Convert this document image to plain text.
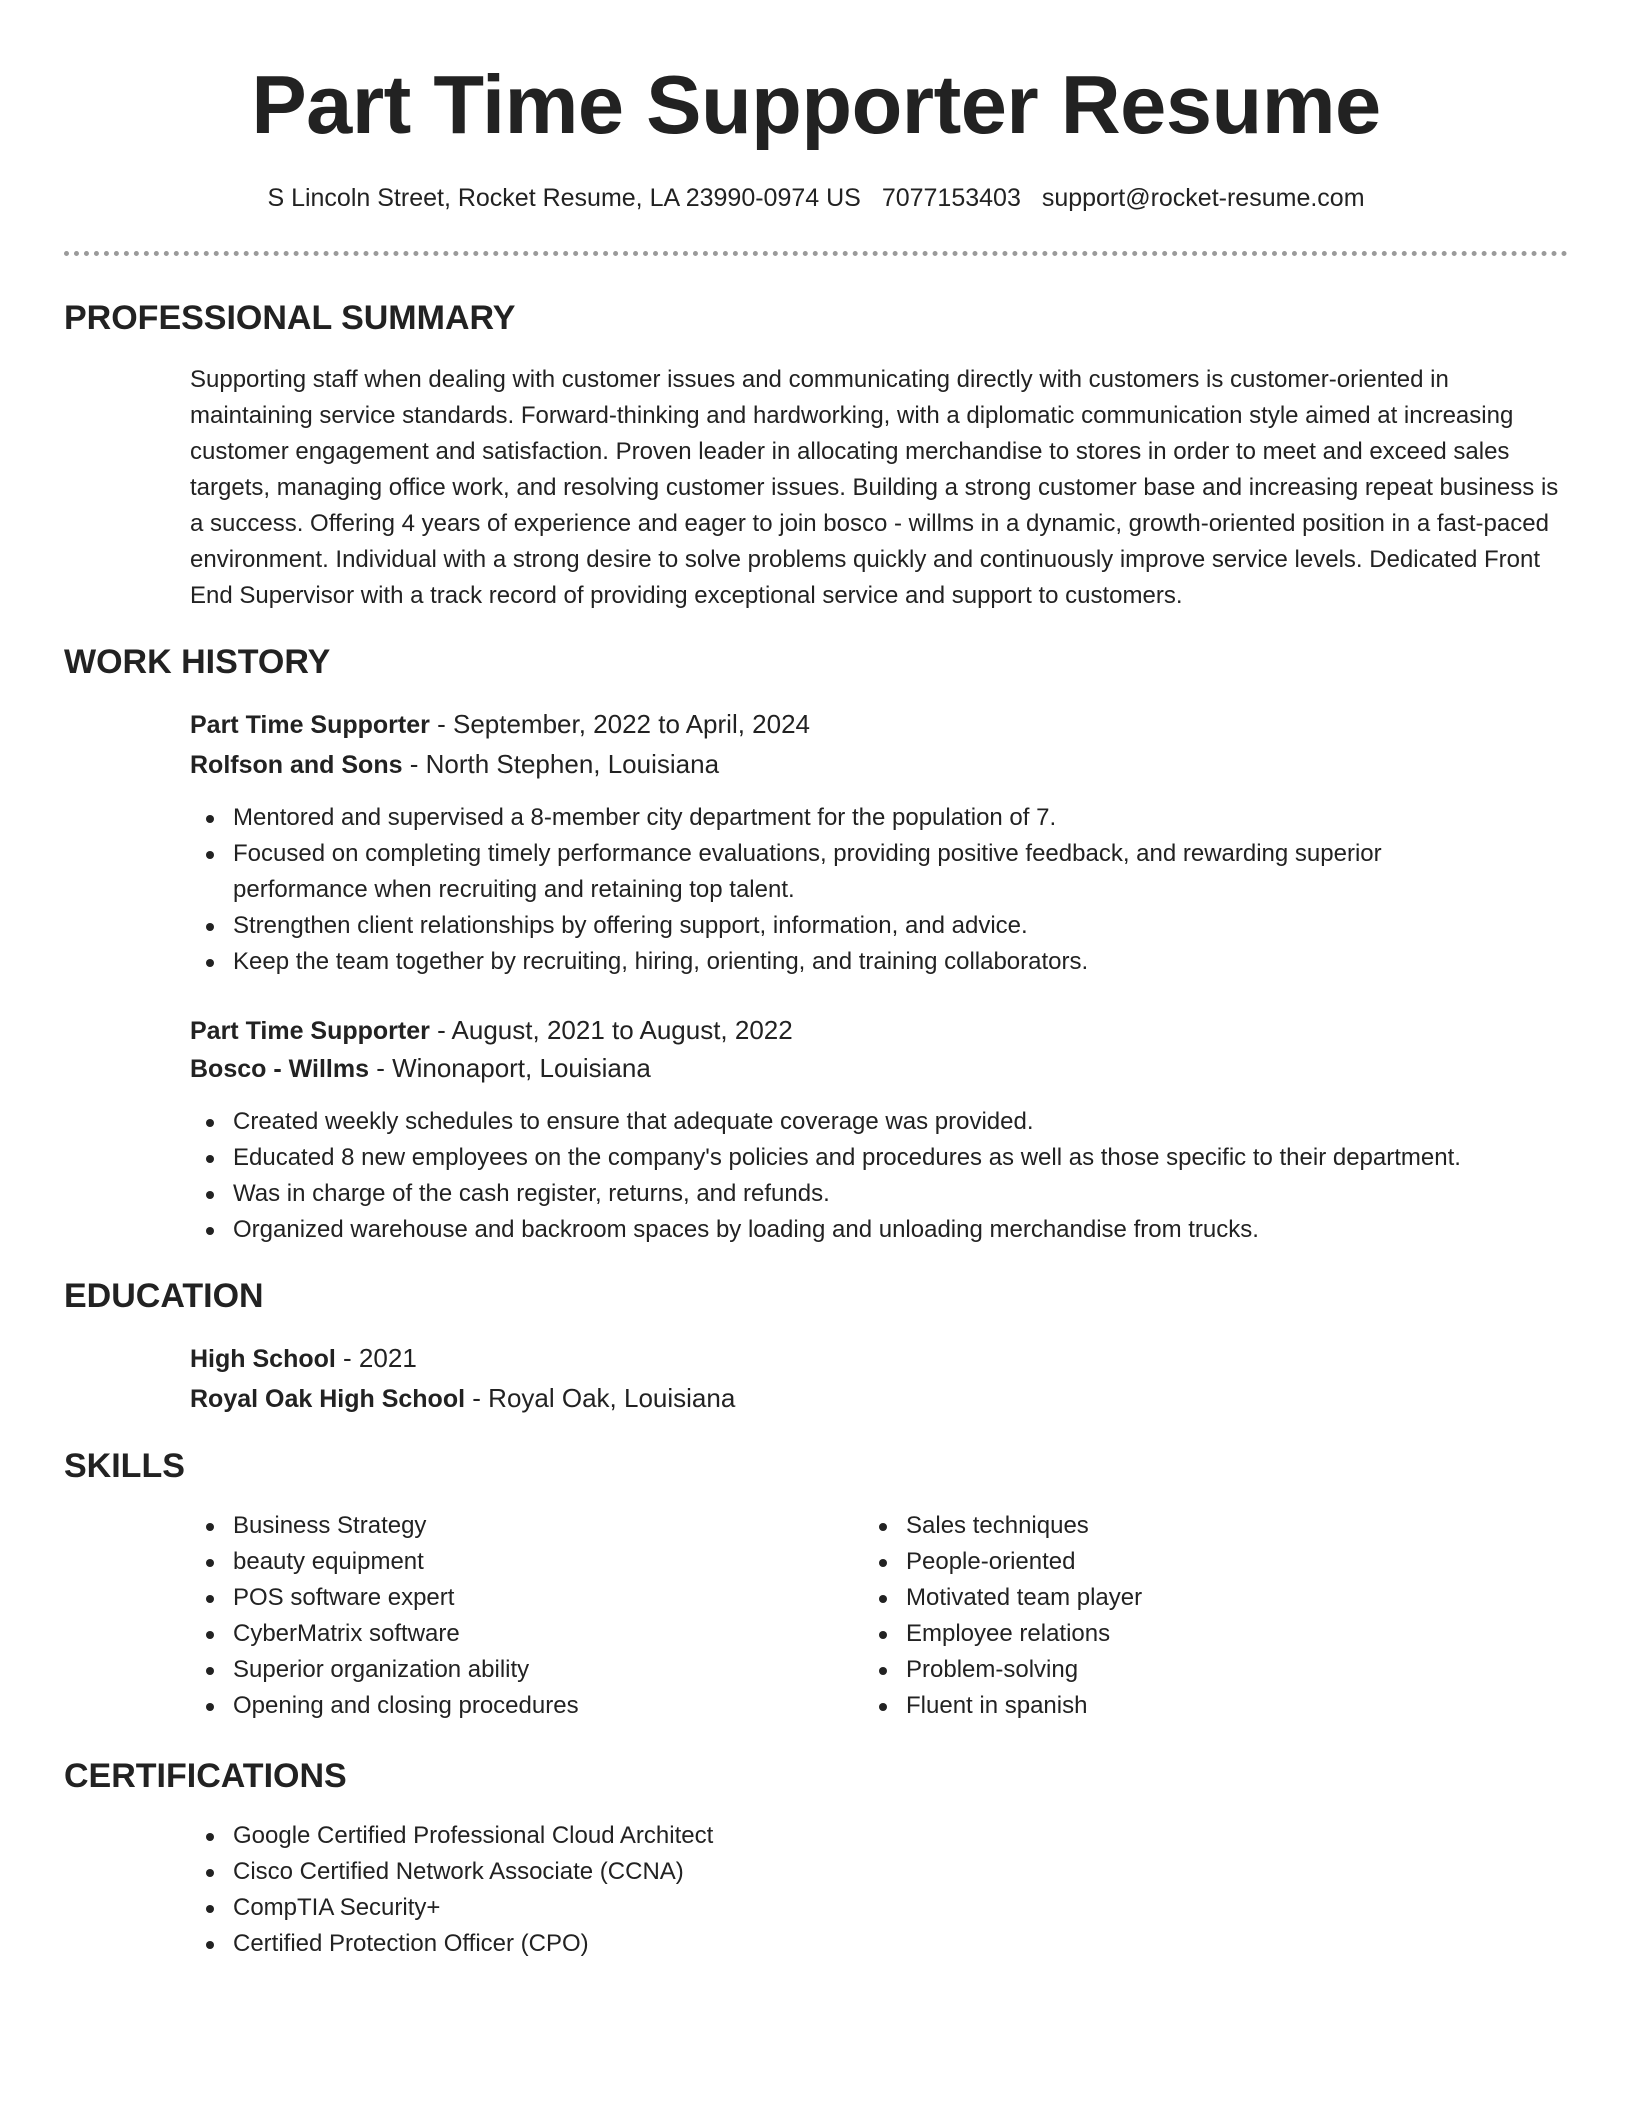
Part Time Supporter Resume
S Lincoln Street, Rocket Resume, LA 23990-0974 US 7077153403 support@rocket-resume.com
PROFESSIONAL SUMMARY

Supporting staff when dealing with customer issues and communicating directly with customers is customer-oriented in maintaining service standards. Forward-thinking and hardworking, with a diplomatic communication style aimed at increasing customer engagement and satisfaction. Proven leader in allocating merchandise to stores in order to meet and exceed sales targets, managing office work, and resolving customer issues. Building a strong customer base and increasing repeat business is a success. Offering 4 years of experience and eager to join bosco - willms in a dynamic, growth-oriented position in a fast-paced environment. Individual with a strong desire to solve problems quickly and continuously improve service levels. Dedicated Front End Supervisor with a track record of providing exceptional service and support to customers.

WORK HISTORY
Part Time Supporter - September, 2022 to April, 2024
Rolfson and Sons - North Stephen, Louisiana
Mentored and supervised a 8-member city department for the population of 7.
Focused on completing timely performance evaluations, providing positive feedback, and rewarding superior performance when recruiting and retaining top talent.
Strengthen client relationships by offering support, information, and advice.
Keep the team together by recruiting, hiring, orienting, and training collaborators.
Part Time Supporter - August, 2021 to August, 2022
Bosco - Willms - Winonaport, Louisiana
Created weekly schedules to ensure that adequate coverage was provided.
Educated 8 new employees on the company's policies and procedures as well as those specific to their department.
Was in charge of the cash register, returns, and refunds.
Organized warehouse and backroom spaces by loading and unloading merchandise from trucks.
EDUCATION
High School - 2021
Royal Oak High School - Royal Oak, Louisiana
SKILLS
Business Strategy
beauty equipment
POS software expert
CyberMatrix software
Superior organization ability
Opening and closing procedures
Sales techniques
People-oriented
Motivated team player
Employee relations
Problem-solving
Fluent in spanish
CERTIFICATIONS
Google Certified Professional Cloud Architect
Cisco Certified Network Associate (CCNA)
CompTIA Security+
Certified Protection Officer (CPO)
